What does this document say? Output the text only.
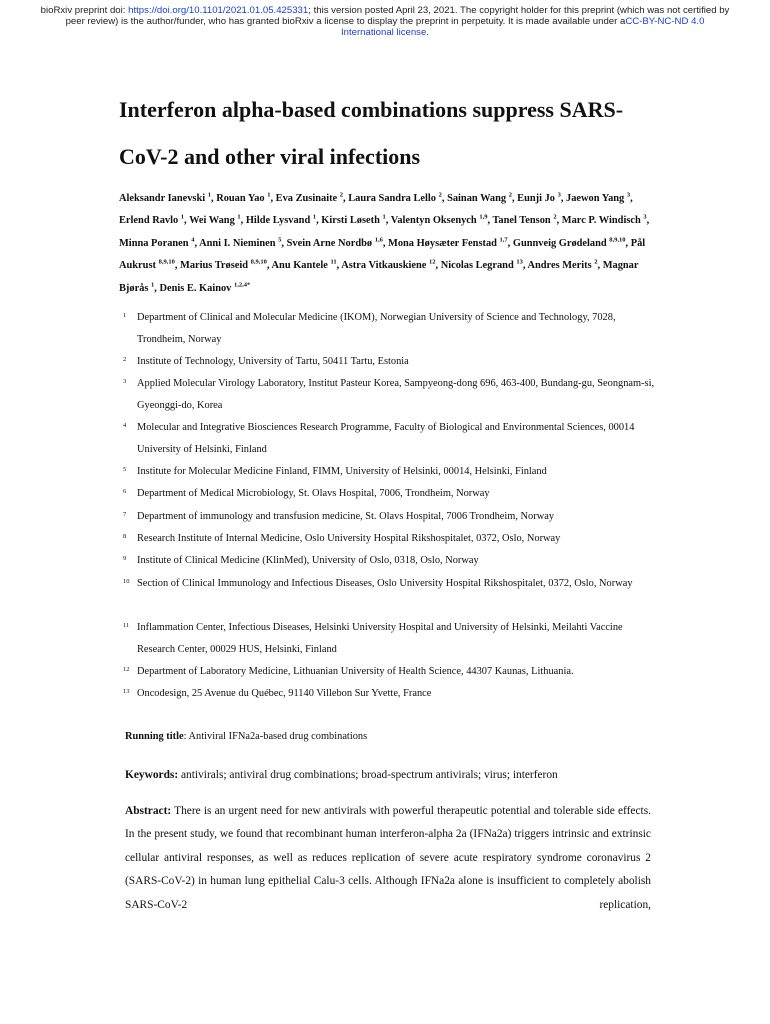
bioRxiv preprint doi: https://doi.org/10.1101/2021.01.05.425331; this version posted April 23, 2021. The copyright holder for this preprint (which was not certified by peer review) is the author/funder, who has granted bioRxiv a license to display the preprint in perpetuity. It is made available under aCC-BY-NC-ND 4.0 International license.
Interferon alpha-based combinations suppress SARS-CoV-2 and other viral infections
Aleksandr Ianevski $^1$, Rouan Yao $^1$, Eva Zusinaite $^2$, Laura Sandra Lello $^2$, Sainan Wang $^2$, Eunji Jo $^3$, Jaewon Yang $^3$, Erlend Ravlo $^1$, Wei Wang $^1$, Hilde Lysvand $^1$, Kirsti Løseth $^1$, Valentyn Oksenych $^{1,9}$, Tanel Tenson $^2$, Marc P. Windisch $^3$, Minna Poranen $^4$, Anni I. Nieminen $^5$, Svein Arne Nordbø $^{1,6}$, Mona Høysæter Fenstad $^{1,7}$, Gunnveig Grødeland $^{8,9,10}$, Pål Aukrust $^{8,9,10}$, Marius Trøseid $^{8,9,10}$, Anu Kantele $^{11}$, Astra Vitkauskiene $^{12}$, Nicolas Legrand $^{13}$, Andres Merits $^2$, Magnar Bjørås $^1$, Denis E. Kainov $^{1,2,4*}$
1	Department of Clinical and Molecular Medicine (IKOM), Norwegian University of Science and Technology, 7028, Trondheim, Norway
2	Institute of Technology, University of Tartu, 50411 Tartu, Estonia
3	Applied Molecular Virology Laboratory, Institut Pasteur Korea, Sampyeong-dong 696, 463-400, Bundang-gu, Seongnam-si, Gyeonggi-do, Korea
4	Molecular and Integrative Biosciences Research Programme, Faculty of Biological and Environmental Sciences, 00014 University of Helsinki, Finland
5	Institute for Molecular Medicine Finland, FIMM, University of Helsinki, 00014, Helsinki, Finland
6	Department of Medical Microbiology, St. Olavs Hospital, 7006, Trondheim, Norway
7	Department of immunology and transfusion medicine, St. Olavs Hospital, 7006 Trondheim, Norway
8	Research Institute of Internal Medicine, Oslo University Hospital Rikshospitalet, 0372, Oslo, Norway
9	Institute of Clinical Medicine (KlinMed), University of Oslo, 0318, Oslo, Norway
10 Section of Clinical Immunology and Infectious Diseases, Oslo University Hospital Rikshospitalet, 0372, Oslo, Norway
11 Inflammation Center, Infectious Diseases, Helsinki University Hospital and University of Helsinki, Meilahti Vaccine Research Center, 00029 HUS, Helsinki, Finland
12 Department of Laboratory Medicine, Lithuanian University of Health Science, 44307 Kaunas, Lithuania.
13 Oncodesign, 25 Avenue du Québec, 91140 Villebon Sur Yvette, France
Running title: Antiviral IFNa2a-based drug combinations
Keywords: antivirals; antiviral drug combinations; broad-spectrum antivirals; virus; interferon
Abstract: There is an urgent need for new antivirals with powerful therapeutic potential and tolerable side effects. In the present study, we found that recombinant human interferon-alpha 2a (IFNa2a) triggers intrinsic and extrinsic cellular antiviral responses, as well as reduces replication of severe acute respiratory syndrome coronavirus 2 (SARS-CoV-2) in human lung epithelial Calu-3 cells. Although IFNa2a alone is insufficient to completely abolish SARS-CoV-2 replication,
